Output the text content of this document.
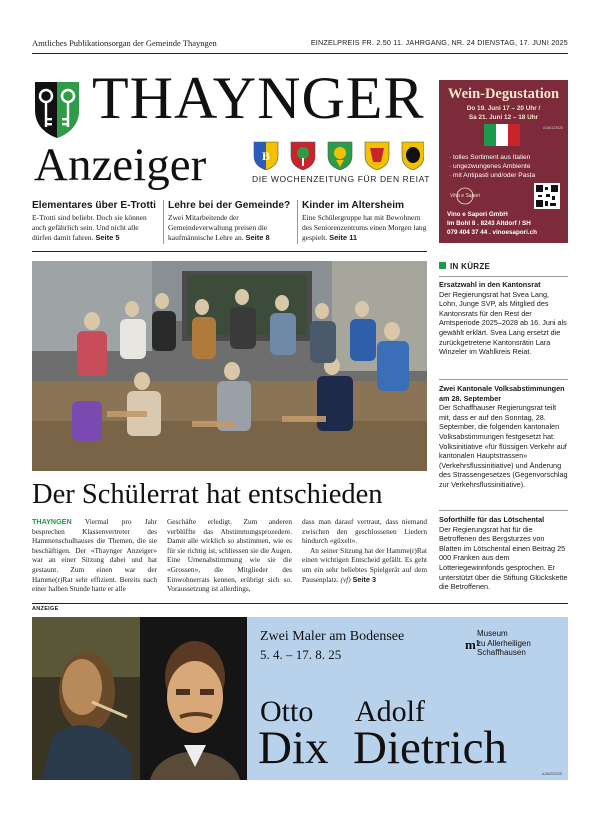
Amtliches Publikationsorgan der Gemeinde Thayngen	EINZELPREIS FR. 2.50 11. JAHRGANG, NR. 24 DIENSTAG, 17. JUNI 2025
THAYNGER
Anzeiger	B
DIE WOCHENZEITUNG FÜR DEN REIAT
Wein-Degustation
Do 19. Juni 17 – 20 Uhr /
Sa 21. Juni 12 – 18 Uhr
A1561Z2025
· tolles Sortiment aus Italien
· ungezwungenes Ambiente
· mit Antipasti und/oder Pasta
Vino e Sapori
Vino e Sapori GmbH
Im Bohl 8 . 8243 Altdorf / SH
079 404 37 44 . vinoesapori.ch
Elementares über E-Trotti

E-Trotti sind beliebt. Doch sie können auch gefährlich sein. Und nicht alle dürfen damit fahren. Seite 5

Lehre bei der Gemeinde?

Zwei Mitarbeitende der Gemeindeverwaltung preisen die kaufmännische Lehre an. Seite 8

Kinder im Altersheim

Eine Schülergruppe hat mit Bewohnern des Seniorenzentrums einen Morgen lang gespielt. Seite 11

Der Schülerrat hat entschieden
THAYNGEN Viermal pro Jahr besprechen Klassenvertreter des Hammenschulhauses die Themen, die sie beschäftigen. Der «Thaynger Anzeiger» war an einer Sitzung dabei und hat gestaunt. Zum einen war der Hamme(r)Rat sehr effizient. Bereits nach einer halben Stunde hatte er alle
Geschäfte erledigt. Zum anderen verblüffte das Abstimmungsprozedere. Damit alle wirklich so abstimmen, wie es für sie richtig ist, schliessen sie die Augen. Eine Urnenabstimmung wie sie die «Grossen», die Mitglieder des Einwohnerrats kennen, erübrigt sich so. Voraussetzung ist allerdings,
dass man darauf vertraut, dass niemand zwischen den geschlossenen Liedern hindurch «güxelt».
An seiner Sitzung hat der Hamme(r)Rat einen wichtigen Entscheid gefällt. Es geht um ein sehr beliebtes Spielgerät auf dem Pausenplatz. (vf) Seite 3
IN KÜRZE
Ersatzwahl in den Kantonsrat
Der Regierungsrat hat Svea Lang, Lohn, Junge SVP, als Mitglied des Kantonsrats für den Rest der Amtsperiode 2025–2028 ab 16. Juni als gewählt erklärt. Svea Lang ersetzt die zurückgetretene Kantonsrätin Lara Winzeler im Wahlkreis Reiat.
Zwei Kantonale Volksabstimmungen am 28. September
Der Schaffhauser Regierungsrat teilt mit, dass er auf den Sonntag, 28. September, die folgenden kantonalen Volksabstimmungen festgesetzt hat: Volksinitiative «für flüssigen Verkehr auf kantonalen Hauptstrassen» (Verkehrsflussinitiative) und Änderung des Strassengesetzes (Gegenvorschlag zur Verkehrsflussinitiative).
Soforthilfe für das Lötschental
Der Regierungsrat hat für die Betroffenen des Bergsturzes von Blatten im Lötschental einen Beitrag 25 000 Franken aus dem Lotteriegewinnfonds gesprochen. Er unterstützt über die Stiftung Glückskette die Betroffenen.
ANZEIGE
Zwei Maler am Bodensee
5. 4. – 17. 8. 25
m¹
Museum
zu Allerheiligen
Schaffhausen
Otto Adolf
Dix Dietrich	A1562Z2025
